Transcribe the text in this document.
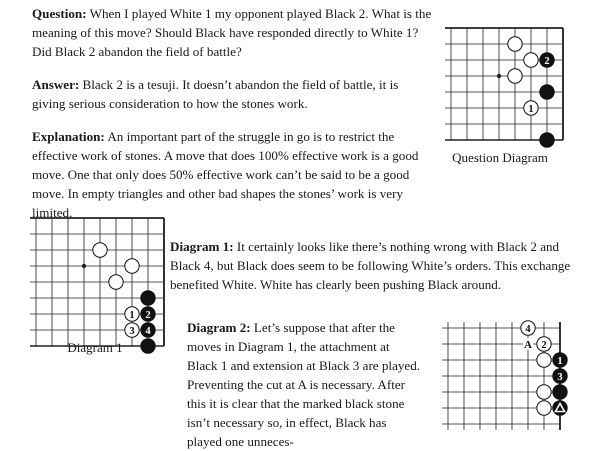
Question: When I played White 1 my opponent played Black 2. What is the meaning of this move? Should Black have responded directly to White 1? Did Black 2 abandon the field of battle?

Answer: Black 2 is a tesuji. It doesn’t abandon the field of battle, it is giving serious consideration to how the stones work.

Explanation: An important part of the struggle in go is to restrict the effective work of stones. A move that does 100% effective work is a good move. One that only does 50% effective work can’t be said to be a good move. In empty triangles and other bad shapes the stones’ work is very limited.

2
1

Question Diagram

1 2
3 4

Diagram 1

Diagram 1: It certainly looks like there’s nothing wrong with Black 2 and Black 4, but Black does seem to be following White’s orders. This exchange benefited White. White has clearly been pushing Black around.

Diagram 2: Let’s suppose that after the moves in Diagram 1, the attachment at Black 1 and extension at Black 3 are played. Preventing the cut at A is necessary. After this it is clear that the marked black stone isn’t necessary so, in effect, Black has played one unneces-

A
4
2
1
3
